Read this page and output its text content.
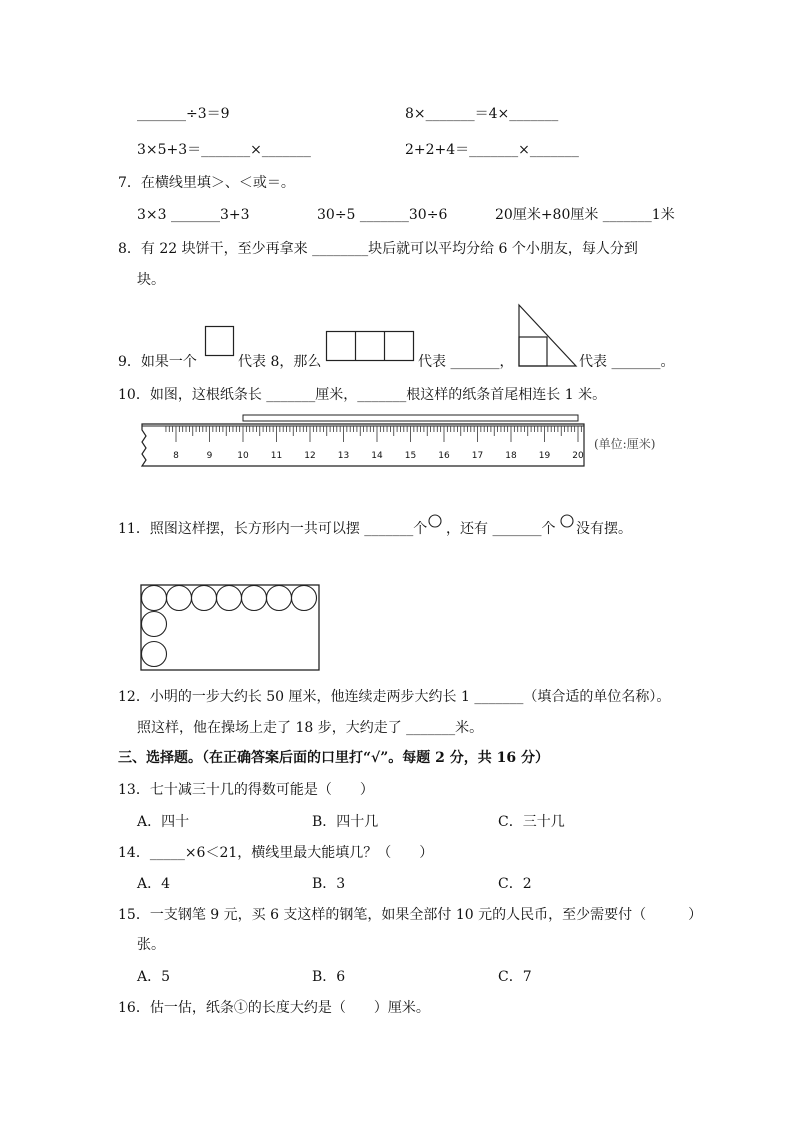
_______÷3＝9	8×_______＝4×_______
3×5+3＝_______×_______	2+2+4＝_______×_______
7．在横线里填＞、＜或＝。
3×3 _______3+3	30÷5 _______30÷6	20厘米+80厘米 _______1米
8．有 22 块饼干，至少再拿来 ________块后就可以平均分给 6 个小朋友，每人分到
块。
9．如果一个	代表 8，那么	代表 _______，	代表 _______。
10．如图，这根纸条长 _______厘米，_______根这样的纸条首尾相连长 1 米。
8	9	10 11 12 13 14 15 16 17 18 19 20
(单位:厘米)
11．照图这样摆，长方形内一共可以摆 _______个 ，还有 _______个 没有摆。
12．小明的一步大约长 50 厘米，他连续走两步大约长 1 _______（填合适的单位名称）。
照这样，他在操场上走了 18 步，大约走了 _______米。
三、选择题。（在正确答案后面的口里打“√”。每题 2 分，共 16 分）
13．七十减三十几的得数可能是（　　）
A．四十	B．四十几	C．三十几
14．_____×6＜21，横线里最大能填几？（　　）
A．4	B．3	C．2
15．一支钢笔 9 元，买 6 支这样的钢笔，如果全部付 10 元的人民币，至少需要付（　　　）
张。
A．5	B．6	C．7
16．估一估，纸条①的长度大约是（　　）厘米。
